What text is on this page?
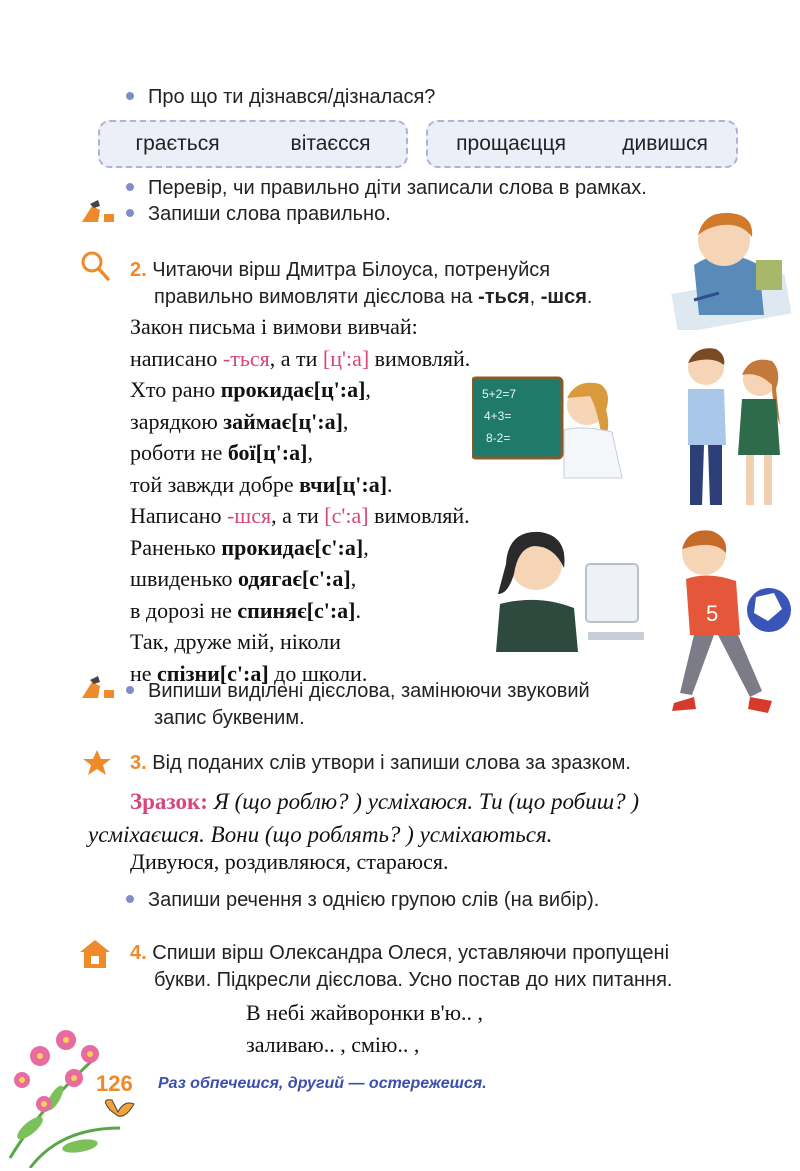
Про що ти дізнався/дізналася?
грається	вітаєсся	прощаєцця	дивишся
Перевір, чи правильно діти записали слова в рамках.
Запиши слова правильно.
2. Читаючи вірш Дмитра Білоуса, потренуйся
правильно вимовляти дієслова на -ться, -шся.
Закон письма і вимови вивчай:
написано -ться, а ти [ц':а] вимовляй.
Хто рано прокидає[ц':а],
зарядкою займає[ц':а],
роботи не бої[ц':а],
той завжди добре вчи[ц':а].
Написано -шся, а ти [с':а] вимовляй.
Раненько прокидає[с':а],
швиденько одягає[с':а],
в дорозі не спиняє[с':а].
Так, друже мій, ніколи
не спізни[с':а] до школи.
5+2=7
4+3=
8-2=
5
Випиши виділені дієслова, замінюючи звуковий
запис буквеним.
3. Від поданих слів утвори і запиши слова за зразком.
Зразок: Я (що роблю? ) усміхаюся. Ти (що робиш? )
усміхаєшся. Вони (що роблять? ) усміхаються.
Дивуюся, роздивляюся, стараюся.
Запиши речення з однією групою слів (на вибір).
4. Спиши вірш Олександра Олеся, уставляючи пропущені
букви. Підкресли дієслова. Усно постав до них питання.
В небі жайворонки в'ю.. ,
заливаю.. , смію.. ,
126 Раз обпечешся, другий — остережешся.
